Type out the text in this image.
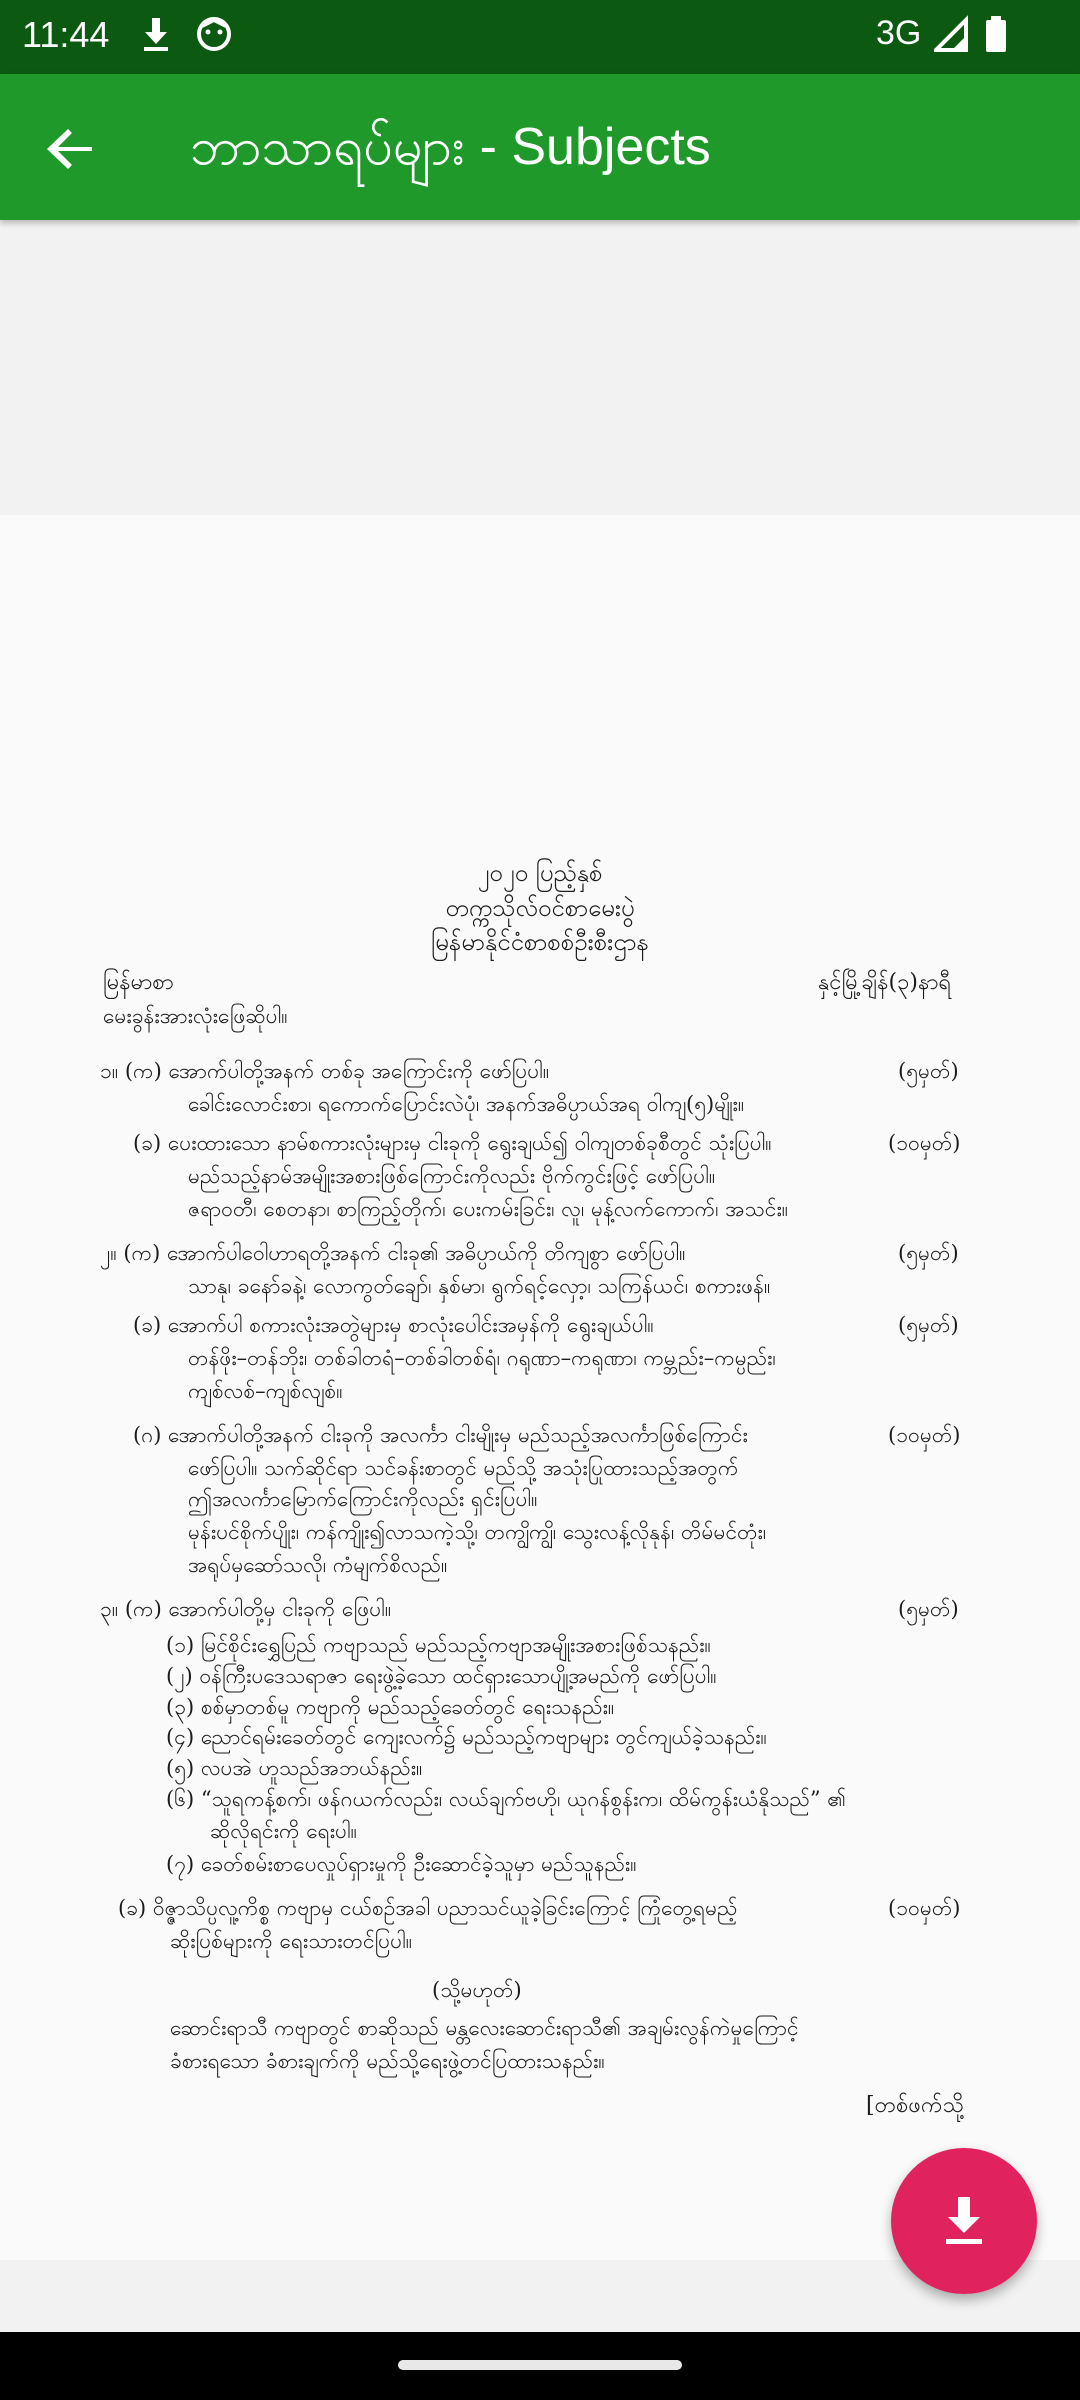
11:44	3G
ဘာသာရပ်များ - Subjects
၂၀၂၀ ပြည့်နှစ်
တက္ကသိုလ်ဝင်စာမေးပွဲ
မြန်မာနိုင်ငံစာစစ်ဦးစီးဌာန
မြန်မာစာ	နှင့်မြို့ချိန်(၃)နာရီ
မေးခွန်းအားလုံးဖြေဆိုပါ။
၁။ (က) အောက်ပါတို့အနက် တစ်ခု အကြောင်းကို ဖော်ပြပါ။	(၅မှတ်)
ခေါင်းလောင်းစာ၊ ရကောက်ပြောင်းလဲပုံ၊ အနက်အဓိပ္ပာယ်အရ ဝါကျ(၅)မျိုး။
(ခ) ပေးထားသော နာမ်စကားလုံးများမှ ငါးခုကို ရွေးချယ်၍ ဝါကျတစ်ခုစီတွင် သုံးပြပါ။	(၁၀မှတ်)
မည်သည့်နာမ်အမျိုးအစားဖြစ်ကြောင်းကိုလည်း ဗိုက်ကွင်းဖြင့် ဖော်ပြပါ။
ဇရာဝတီ၊ စေတနာ၊ စာကြည့်တိုက်၊ ပေးကမ်းခြင်း၊ လူ၊ မုန့်လက်ကောက်၊ အသင်း။
၂။ (က) အောက်ပါဝေါဟာရတို့အနက် ငါးခု၏ အဓိပ္ပာယ်ကို တိကျစွာ ဖော်ပြပါ။	(၅မှတ်)
သာနု၊ ခနော်ခနဲ့၊ လောကွတ်ချော်၊ နှစ်မာ၊ ရွက်ရင့်လှော့၊ သကြန်ယင်၊ စကားဖန်။
(ခ) အောက်ပါ စကားလုံးအတွဲများမှ စာလုံးပေါင်းအမှန်ကို ရွေးချယ်ပါ။	(၅မှတ်)
တန်ဖိုး–တန်ဘိုး၊ တစ်ခါတရံ–တစ်ခါတစ်ရံ၊ ဂရုဏာ–ကရုဏာ၊ ကမ္ဘည်း–ကမ္ပည်း၊
ကျစ်လစ်–ကျစ်လျစ်။
(ဂ) အောက်ပါတို့အနက် ငါးခုကို အလင်္ကာ ငါးမျိုးမှ မည်သည့်အလင်္ကာဖြစ်ကြောင်း	(၁၀မှတ်)
ဖော်ပြပါ။ သက်ဆိုင်ရာ သင်ခန်းစာတွင် မည်သို့ အသုံးပြုထားသည့်အတွက်
ဤအလင်္ကာမြောက်ကြောင်းကိုလည်း ရှင်းပြပါ။
မုန်းပင်စိုက်ပျိုး၊ ကန်ကျိုး၍လာသကဲ့သို့၊ တကျွိကျွိ၊ သွေးလန့်လိုနုန်၊ တိမ်မင်တုံး၊
အရုပ်မှဆော်သလို၊ ကံမျက်စိလည်။
၃။ (က) အောက်ပါတို့မှ ငါးခုကို ဖြေပါ။	(၅မှတ်)
(၁) မြင်စိုင်းရွှေပြည် ကဗျာသည် မည်သည့်ကဗျာအမျိုးအစားဖြစ်သနည်း။
(၂) ဝန်ကြီးပဒေသရာဇာ ရေးဖွဲ့ခဲ့သော ထင်ရှားသောပျို့အမည်ကို ဖော်ပြပါ။
(၃) စစ်မှာတစ်မူ ကဗျာကို မည်သည့်ခေတ်တွင် ရေးသနည်း။
(၄) ညောင်ရမ်းခေတ်တွင် ကျေးလက်၌ မည်သည့်ကဗျာများ တွင်ကျယ်ခဲ့သနည်း။
(၅) လပအဲ ဟူသည်အဘယ်နည်း။
(၆) “သူရကန့်စက်၊ ဖန်ဂယက်လည်း၊ လယ်ချက်ဗဟို၊ ယုဂန်စွန်းက၊ ထိမ်ကွန်းယံနိုသည်” ၏
ဆိုလိုရင်းကို ရေးပါ။
(၇) ခေတ်စမ်းစာပေလှုပ်ရှားမှုကို ဦးဆောင်ခဲ့သူမှာ မည်သူနည်း။
(ခ) ဝိဇ္ဇာသိပ္ပလူ့ကိစ္စ ကဗျာမှ ငယ်စဉ်အခါ ပညာသင်ယူခဲ့ခြင်းကြောင့် ကြုံတွေ့ရမည့်	(၁၀မှတ်)
ဆိုးပြစ်များကို ရေးသားတင်ပြပါ။
(သို့မဟုတ်)
ဆောင်းရာသီ ကဗျာတွင် စာဆိုသည် မန္တလေးဆောင်းရာသီ၏ အချမ်းလွန်ကဲမှုကြောင့်
ခံစားရသော ခံစားချက်ကို မည်သို့ရေးဖွဲ့တင်ပြထားသနည်း။
[တစ်ဖက်သို့
